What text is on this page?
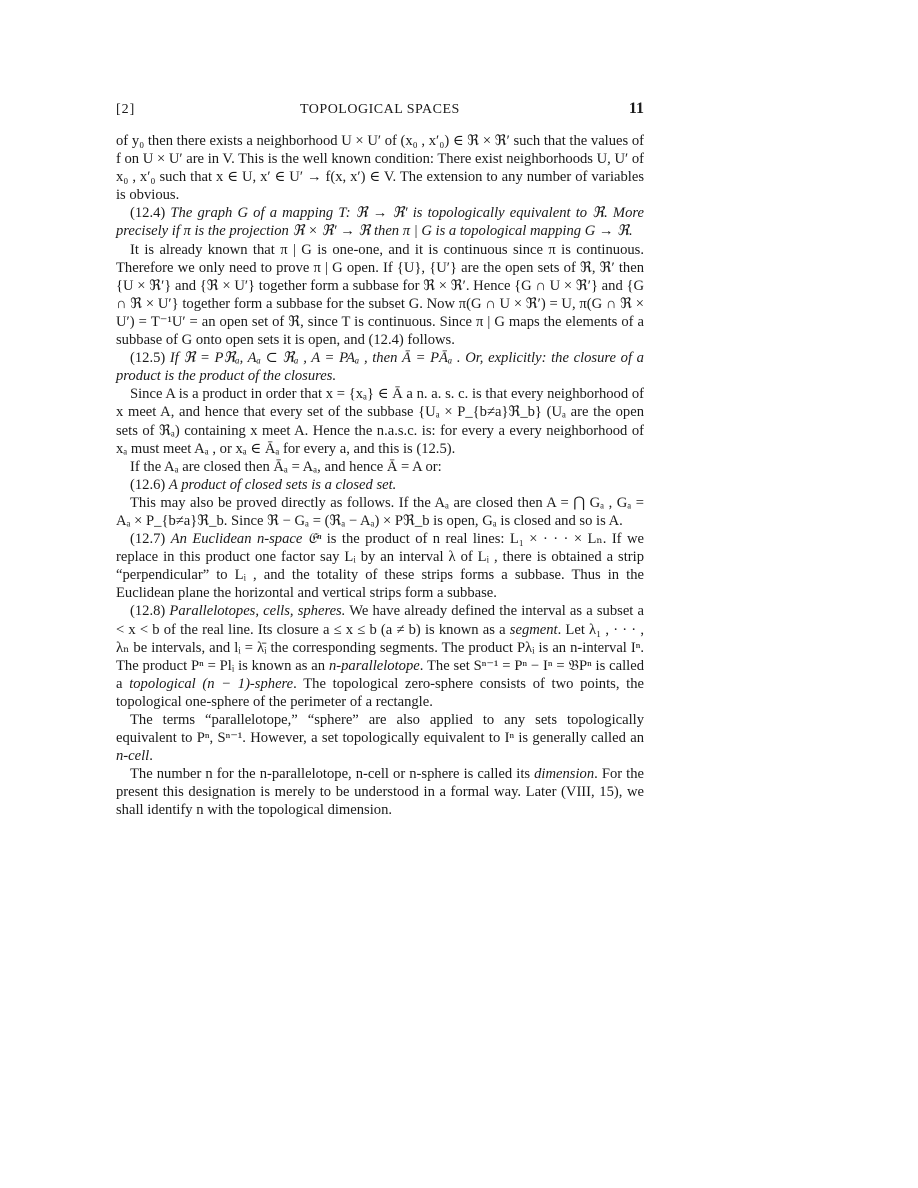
[2]	TOPOLOGICAL SPACES	11

of y₀ then there exists a neighborhood U × U′ of (x₀ , x′₀) ∈ ℜ × ℜ′ such that the values of f on U × U′ are in V. This is the well known condition: There exist neighborhoods U, U′ of x₀ , x′₀ such that x ∈ U, x′ ∈ U′ → f(x, x′) ∈ V. The extension to any number of variables is obvious.

(12.4) The graph G of a mapping T: ℜ → ℜ′ is topologically equivalent to ℜ. More precisely if π is the projection ℜ × ℜ′ → ℜ then π | G is a topological mapping G → ℜ.

It is already known that π | G is one-one, and it is continuous since π is continuous. Therefore we only need to prove π | G open. If {U}, {U′} are the open sets of ℜ, ℜ′ then {U × ℜ′} and {ℜ × U′} together form a subbase for ℜ × ℜ′. Hence {G ∩ U × ℜ′} and {G ∩ ℜ × U′} together form a subbase for the subset G. Now π(G ∩ U × ℜ′) = U, π(G ∩ ℜ × U′) = T⁻¹U′ = an open set of ℜ, since T is continuous. Since π | G maps the elements of a subbase of G onto open sets it is open, and (12.4) follows.

(12.5) If ℜ = Pℜₐ, Aₐ ⊂ ℜₐ , A = PAₐ , then Ā = PĀₐ . Or, explicitly: the closure of a product is the product of the closures.

Since A is a product in order that x = {xₐ} ∈ Ā a n. a. s. c. is that every neighborhood of x meet A, and hence that every set of the subbase {Uₐ × P_{b≠a}ℜ_b} (Uₐ are the open sets of ℜₐ) containing x meet A. Hence the n.a.s.c. is: for every a every neighborhood of xₐ must meet Aₐ , or xₐ ∈ Āₐ for every a, and this is (12.5).

If the Aₐ are closed then Āₐ = Aₐ, and hence Ā = A or:

(12.6) A product of closed sets is a closed set.

This may also be proved directly as follows. If the Aₐ are closed then A = ⋂ Gₐ , Gₐ = Aₐ × P_{b≠a}ℜ_b. Since ℜ − Gₐ = (ℜₐ − Aₐ) × Pℜ_b is open, Gₐ is closed and so is A.

(12.7) An Euclidean n-space 𝔈ⁿ is the product of n real lines: L₁ × · · · × Lₙ. If we replace in this product one factor say Lᵢ by an interval λ of Lᵢ , there is obtained a strip “perpendicular” to Lᵢ , and the totality of these strips forms a subbase. Thus in the Euclidean plane the horizontal and vertical strips form a subbase.

(12.8) Parallelotopes, cells, spheres. We have already defined the interval as a subset a < x < b of the real line. Its closure a ≤ x ≤ b (a ≠ b) is known as a segment. Let λ₁ , · · · , λₙ be intervals, and lᵢ = λ̄ᵢ the corresponding segments. The product Pλᵢ is an n-interval Iⁿ. The product Pⁿ = Plᵢ is known as an n-parallelotope. The set Sⁿ⁻¹ = Pⁿ − Iⁿ = 𝔅Pⁿ is called a topological (n − 1)-sphere. The topological zero-sphere consists of two points, the topological one-sphere of the perimeter of a rectangle.

The terms “parallelotope,” “sphere” are also applied to any sets topologically equivalent to Pⁿ, Sⁿ⁻¹. However, a set topologically equivalent to Iⁿ is generally called an n-cell.

The number n for the n-parallelotope, n-cell or n-sphere is called its dimension. For the present this designation is merely to be understood in a formal way. Later (VIII, 15), we shall identify n with the topological dimension.
